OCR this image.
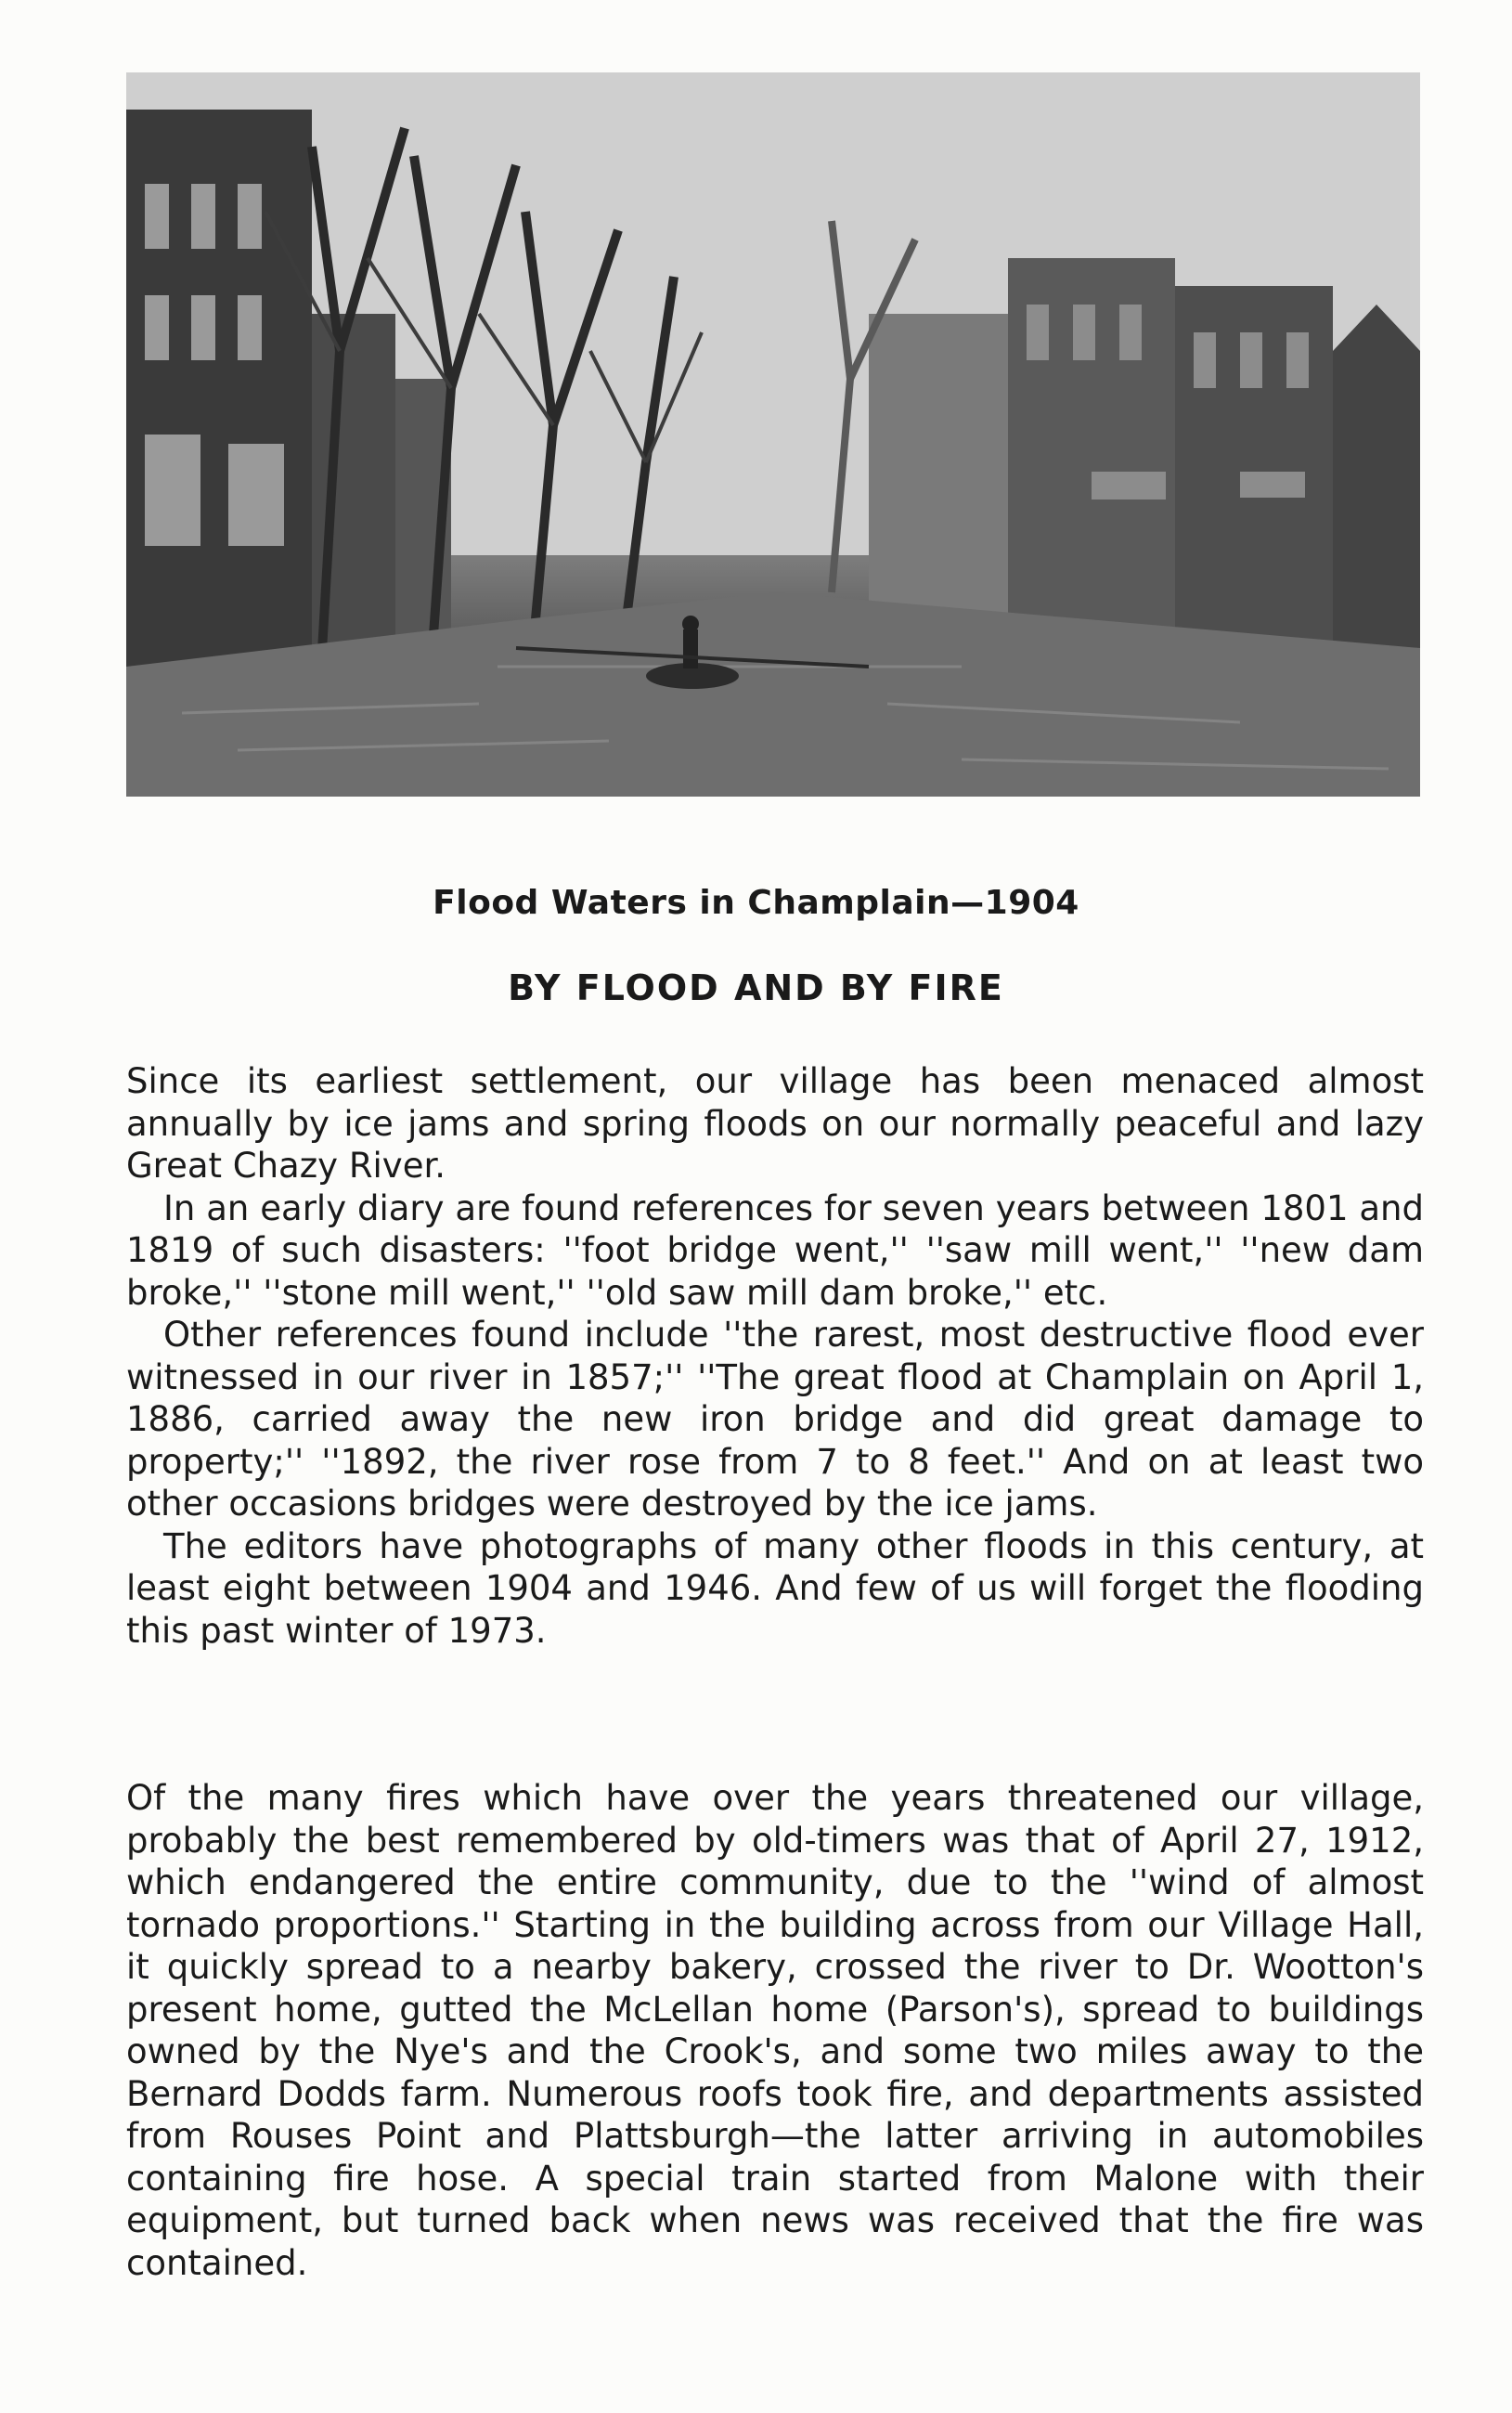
Flood Waters in Champlain—1904
BY FLOOD AND BY FIRE

Since its earliest settlement, our village has been menaced almost annually by ice jams and spring floods on our normally peaceful and lazy Great Chazy River.

In an early diary are found references for seven years between 1801 and 1819 of such disasters: ''foot bridge went,'' ''saw mill went,'' ''new dam broke,'' ''stone mill went,'' ''old saw mill dam broke,'' etc.

Other references found include ''the rarest, most destructive flood ever witnessed in our river in 1857;'' ''The great flood at Champlain on April 1, 1886, carried away the new iron bridge and did great damage to property;'' ''1892, the river rose from 7 to 8 feet.'' And on at least two other occasions bridges were destroyed by the ice jams.

The editors have photographs of many other floods in this century, at least eight between 1904 and 1946. And few of us will forget the flooding this past winter of 1973.

Of the many fires which have over the years threatened our village, probably the best remembered by old-timers was that of April 27, 1912, which endangered the entire community, due to the ''wind of almost tornado proportions.'' Starting in the building across from our Village Hall, it quickly spread to a nearby bakery, crossed the river to Dr. Wootton's present home, gutted the McLellan home (Parson's), spread to buildings owned by the Nye's and the Crook's, and some two miles away to the Bernard Dodds farm. Numerous roofs took fire, and departments assisted from Rouses Point and Plattsburgh—the latter arriving in automobiles containing fire hose. A special train started from Malone with their equipment, but turned back when news was received that the fire was contained.
